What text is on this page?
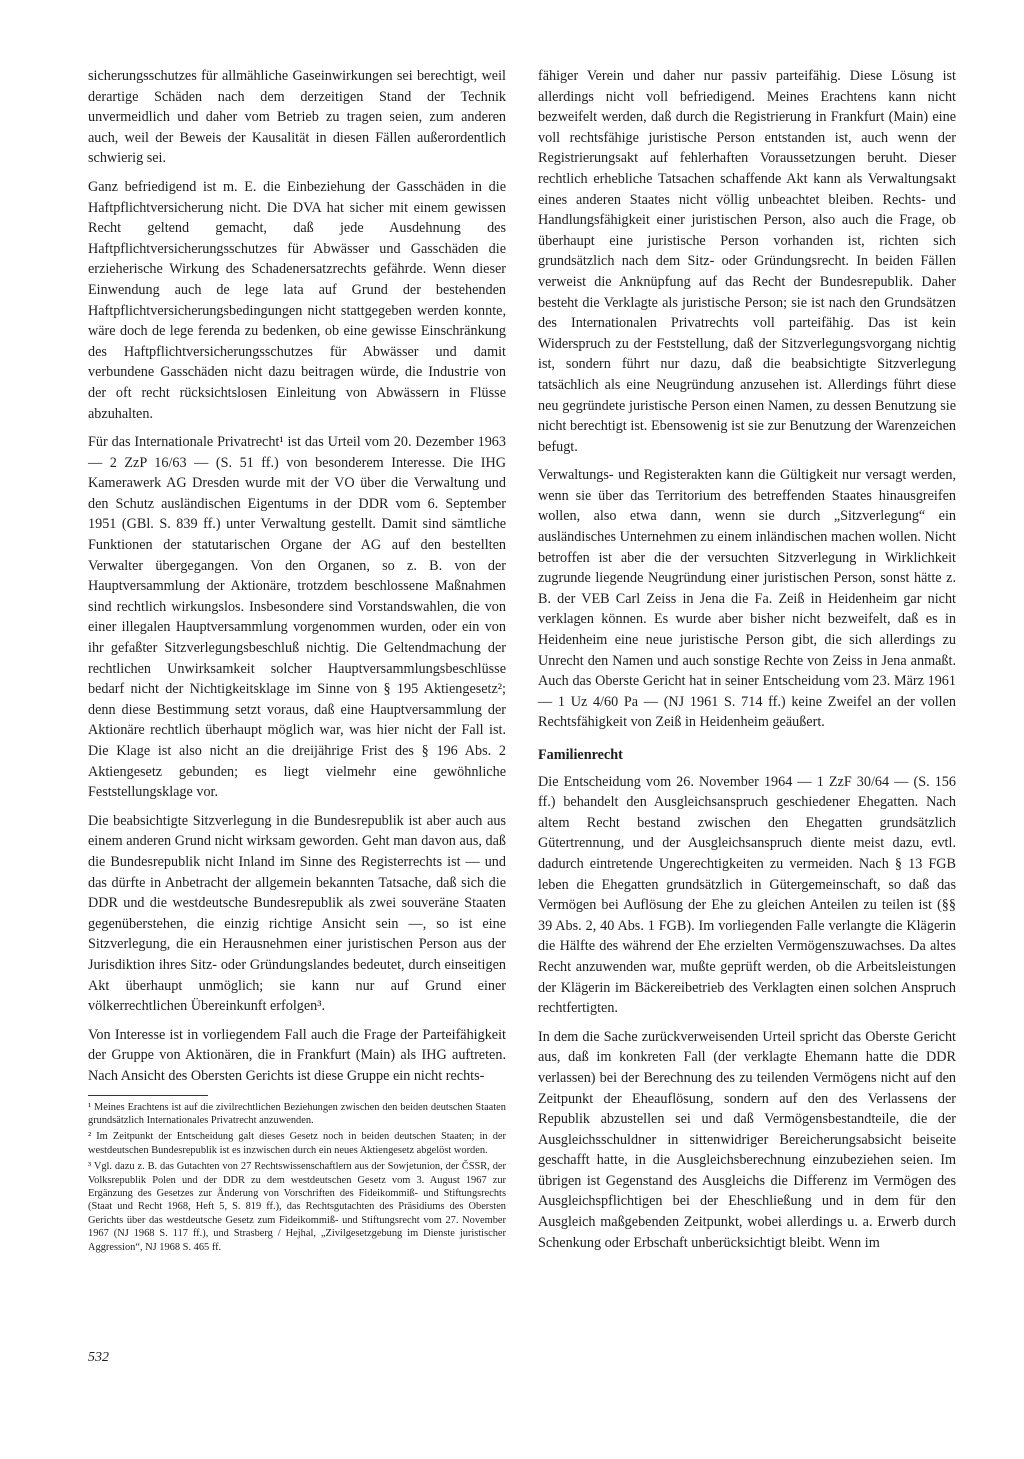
sicherungsschutzes für allmähliche Gaseinwirkungen sei berechtigt, weil derartige Schäden nach dem derzeitigen Stand der Technik unvermeidlich und daher vom Betrieb zu tragen seien, zum anderen auch, weil der Beweis der Kausalität in diesen Fällen außerordentlich schwierig sei.

Ganz befriedigend ist m. E. die Einbeziehung der Gasschäden in die Haftpflichtversicherung nicht. Die DVA hat sicher mit einem gewissen Recht geltend gemacht, daß jede Ausdehnung des Haftpflichtversicherungsschutzes für Abwässer und Gasschäden die erzieherische Wirkung des Schadenersatzrechts gefährde. Wenn dieser Einwendung auch de lege lata auf Grund der bestehenden Haftpflichtversicherungsbedingungen nicht stattgegeben werden konnte, wäre doch de lege ferenda zu bedenken, ob eine gewisse Einschränkung des Haftpflichtversicherungsschutzes für Abwässer und damit verbundene Gasschäden nicht dazu beitragen würde, die Industrie von der oft recht rücksichtslosen Einleitung von Abwässern in Flüsse abzuhalten.

Für das Internationale Privatrecht¹ ist das Urteil vom 20. Dezember 1963 — 2 ZzP 16/63 — (S. 51 ff.) von besonderem Interesse. Die IHG Kamerawerk AG Dresden wurde mit der VO über die Verwaltung und den Schutz ausländischen Eigentums in der DDR vom 6. September 1951 (GBl. S. 839 ff.) unter Verwaltung gestellt. Damit sind sämtliche Funktionen der statutarischen Organe der AG auf den bestellten Verwalter übergegangen. Von den Organen, so z. B. von der Hauptversammlung der Aktionäre, trotzdem beschlossene Maßnahmen sind rechtlich wirkungslos. Insbesondere sind Vorstandswahlen, die von einer illegalen Hauptversammlung vorgenommen wurden, oder ein von ihr gefaßter Sitzverlegungsbeschluß nichtig. Die Geltendmachung der rechtlichen Unwirksamkeit solcher Hauptversammlungsbeschlüsse bedarf nicht der Nichtigkeitsklage im Sinne von § 195 Aktiengesetz²; denn diese Bestimmung setzt voraus, daß eine Hauptversammlung der Aktionäre rechtlich überhaupt möglich war, was hier nicht der Fall ist. Die Klage ist also nicht an die dreijährige Frist des § 196 Abs. 2 Aktiengesetz gebunden; es liegt vielmehr eine gewöhnliche Feststellungsklage vor.

Die beabsichtigte Sitzverlegung in die Bundesrepublik ist aber auch aus einem anderen Grund nicht wirksam geworden. Geht man davon aus, daß die Bundesrepublik nicht Inland im Sinne des Registerrechts ist — und das dürfte in Anbetracht der allgemein bekannten Tatsache, daß sich die DDR und die westdeutsche Bundesrepublik als zwei souveräne Staaten gegenüberstehen, die einzig richtige Ansicht sein —, so ist eine Sitzverlegung, die ein Herausnehmen einer juristischen Person aus der Jurisdiktion ihres Sitz- oder Gründungslandes bedeutet, durch einseitigen Akt überhaupt unmöglich; sie kann nur auf Grund einer völkerrechtlichen Übereinkunft erfolgen³.

Von Interesse ist in vorliegendem Fall auch die Frage der Parteifähigkeit der Gruppe von Aktionären, die in Frankfurt (Main) als IHG auftreten. Nach Ansicht des Obersten Gerichts ist diese Gruppe ein nicht rechts-

¹ Meines Erachtens ist auf die zivilrechtlichen Beziehungen zwischen den beiden deutschen Staaten grundsätzlich Internationales Privatrecht anzuwenden.

² Im Zeitpunkt der Entscheidung galt dieses Gesetz noch in beiden deutschen Staaten; in der westdeutschen Bundesrepublik ist es inzwischen durch ein neues Aktiengesetz abgelöst worden.

³ Vgl. dazu z. B. das Gutachten von 27 Rechtswissenschaftlern aus der Sowjetunion, der ČSSR, der Volksrepublik Polen und der DDR zu dem westdeutschen Gesetz vom 3. August 1967 zur Ergänzung des Gesetzes zur Änderung von Vorschriften des Fideikommiß- und Stiftungsrechts (Staat und Recht 1968, Heft 5, S. 819 ff.), das Rechtsgutachten des Präsidiums des Obersten Gerichts über das westdeutsche Gesetz zum Fideikommiß- und Stiftungsrecht vom 27. November 1967 (NJ 1968 S. 117 ff.), und Strasberg / Hejhal, „Zivilgesetzgebung im Dienste juristischer Aggression“, NJ 1968 S. 465 ff.

fähiger Verein und daher nur passiv parteifähig. Diese Lösung ist allerdings nicht voll befriedigend. Meines Erachtens kann nicht bezweifelt werden, daß durch die Registrierung in Frankfurt (Main) eine voll rechtsfähige juristische Person entstanden ist, auch wenn der Registrierungsakt auf fehlerhaften Voraussetzungen beruht. Dieser rechtlich erhebliche Tatsachen schaffende Akt kann als Verwaltungsakt eines anderen Staates nicht völlig unbeachtet bleiben. Rechts- und Handlungsfähigkeit einer juristischen Person, also auch die Frage, ob überhaupt eine juristische Person vorhanden ist, richten sich grundsätzlich nach dem Sitz- oder Gründungsrecht. In beiden Fällen verweist die Anknüpfung auf das Recht der Bundesrepublik. Daher besteht die Verklagte als juristische Person; sie ist nach den Grundsätzen des Internationalen Privatrechts voll parteifähig. Das ist kein Widerspruch zu der Feststellung, daß der Sitzverlegungsvorgang nichtig ist, sondern führt nur dazu, daß die beabsichtigte Sitzverlegung tatsächlich als eine Neugründung anzusehen ist. Allerdings führt diese neu gegründete juristische Person einen Namen, zu dessen Benutzung sie nicht berechtigt ist. Ebensowenig ist sie zur Benutzung der Warenzeichen befugt.

Verwaltungs- und Registerakten kann die Gültigkeit nur versagt werden, wenn sie über das Territorium des betreffenden Staates hinausgreifen wollen, also etwa dann, wenn sie durch „Sitzverlegung“ ein ausländisches Unternehmen zu einem inländischen machen wollen. Nicht betroffen ist aber die der versuchten Sitzverlegung in Wirklichkeit zugrunde liegende Neugründung einer juristischen Person, sonst hätte z. B. der VEB Carl Zeiss in Jena die Fa. Zeiß in Heidenheim gar nicht verklagen können. Es wurde aber bisher nicht bezweifelt, daß es in Heidenheim eine neue juristische Person gibt, die sich allerdings zu Unrecht den Namen und auch sonstige Rechte von Zeiss in Jena anmaßt. Auch das Oberste Gericht hat in seiner Entscheidung vom 23. März 1961 — 1 Uz 4/60 Pa — (NJ 1961 S. 714 ff.) keine Zweifel an der vollen Rechtsfähigkeit von Zeiß in Heidenheim geäußert.

Familienrecht

Die Entscheidung vom 26. November 1964 — 1 ZzF 30/64 — (S. 156 ff.) behandelt den Ausgleichsanspruch geschiedener Ehegatten. Nach altem Recht bestand zwischen den Ehegatten grundsätzlich Gütertrennung, und der Ausgleichsanspruch diente meist dazu, evtl. dadurch eintretende Ungerechtigkeiten zu vermeiden. Nach § 13 FGB leben die Ehegatten grundsätzlich in Gütergemeinschaft, so daß das Vermögen bei Auflösung der Ehe zu gleichen Anteilen zu teilen ist (§§ 39 Abs. 2, 40 Abs. 1 FGB). Im vorliegenden Falle verlangte die Klägerin die Hälfte des während der Ehe erzielten Vermögenszuwachses. Da altes Recht anzuwenden war, mußte geprüft werden, ob die Arbeitsleistungen der Klägerin im Bäckereibetrieb des Verklagten einen solchen Anspruch rechtfertigten.

In dem die Sache zurückverweisenden Urteil spricht das Oberste Gericht aus, daß im konkreten Fall (der verklagte Ehemann hatte die DDR verlassen) bei der Berechnung des zu teilenden Vermögens nicht auf den Zeitpunkt der Eheauflösung, sondern auf den des Verlassens der Republik abzustellen sei und daß Vermögensbestandteile, die der Ausgleichsschuldner in sittenwidriger Bereicherungsabsicht beiseite geschafft hatte, in die Ausgleichsberechnung einzubeziehen seien. Im übrigen ist Gegenstand des Ausgleichs die Differenz im Vermögen des Ausgleichspflichtigen bei der Eheschließung und in dem für den Ausgleich maßgebenden Zeitpunkt, wobei allerdings u. a. Erwerb durch Schenkung oder Erbschaft unberücksichtigt bleibt. Wenn im

532
